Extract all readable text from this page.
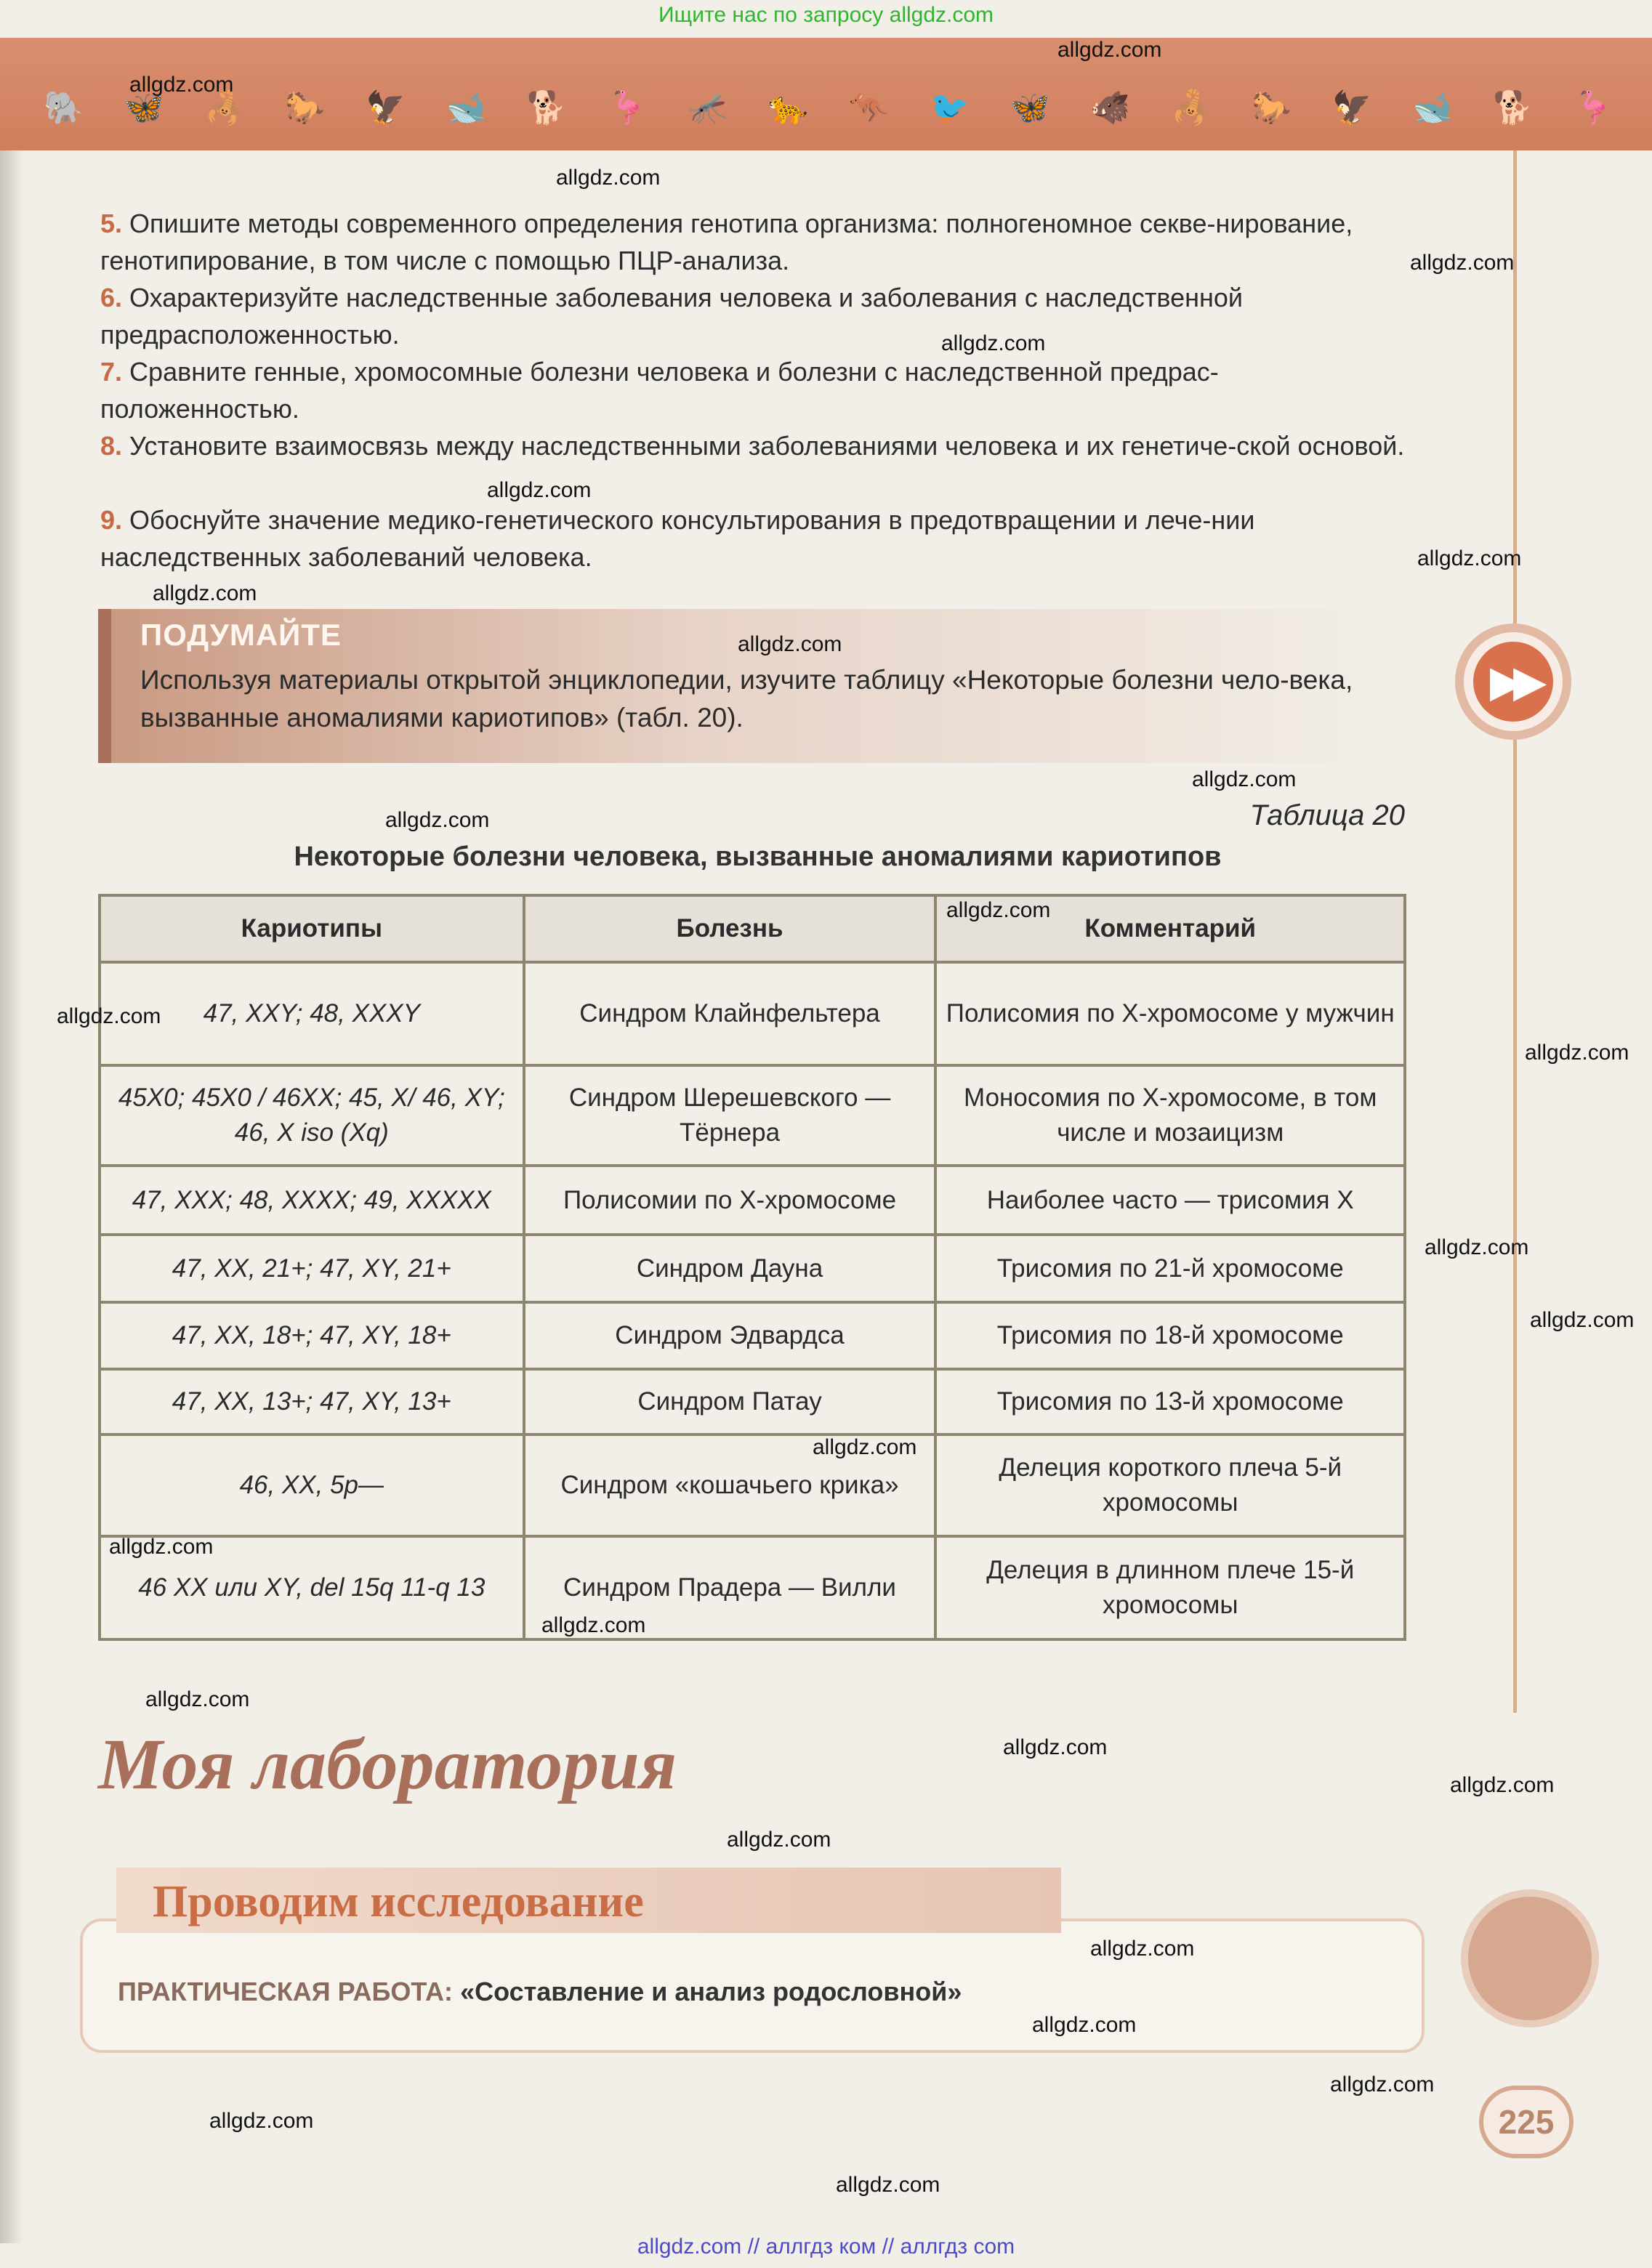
Ищите нас по запросу allgdz.com
🐘 🦋 🦂 🐎 🦅 🐋 🐕 🦩 🦟 🐆 🦘 🐦 🦋 🐗 🦂 🐎 🦅 🐋 🐕 🦩
5. Опишите методы современного определения генотипа организма: полногеномное секве-нирование, генотипирование, в том числе с помощью ПЦР-анализа.
6. Охарактеризуйте наследственные заболевания человека и заболевания с наследственной предрасположенностью.
7. Сравните генные, хромосомные болезни человека и болезни с наследственной предрас-положенностью.
8. Установите взаимосвязь между наследственными заболеваниями человека и их генетиче-ской основой.
9. Обоснуйте значение медико-генетического консультирования в предотвращении и лече-нии наследственных заболеваний человека.
ПОДУМАЙТЕ

Используя материалы открытой энциклопедии, изучите таблицу «Некоторые болезни чело-века, вызванные аномалиями кариотипов» (табл. 20).

▶▶
Таблица 20
Некоторые болезни человека, вызванные аномалиями кариотипов
Кариотипы	Болезнь	Комментарий
47, XXY; 48, XXXY	Синдром Клайнфельтера	Полисомия по X-хромосоме у мужчин
45X0; 45X0 / 46XX; 45, X/ 46, XY; 46, X iso (Xq)	Синдром Шерешевского — Тёрнера	Моносомия по X-хромосоме, в том числе и мозаицизм
47, XXX; 48, XXXX; 49, XXXXX	Полисомии по X-хромосоме	Наиболее часто — трисомия X
47, XX, 21+; 47, XY, 21+	Синдром Дауна	Трисомия по 21-й хромосоме
47, XX, 18+; 47, XY, 18+	Синдром Эдвардса	Трисомия по 18-й хромосоме
47, XX, 13+; 47, XY, 13+	Синдром Патау	Трисомия по 13-й хромосоме
46, XX, 5p—	Синдром «кошачьего крика»	Делеция короткого плеча 5-й хромосомы
46 XX или XY, del 15q 11-q 13	Синдром Прадера — Вилли	Делеция в длинном плече 15-й хромосомы
Моя лаборатория
Проводим исследование
ПРАКТИЧЕСКАЯ РАБОТА: «Составление и анализ родословной»
225
allgdz.com // аллгдз ком // аллгдз com
allgdz.com
allgdz.com
allgdz.com
allgdz.com
allgdz.com
allgdz.com
allgdz.com
allgdz.com
allgdz.com
allgdz.com
allgdz.com
allgdz.com
allgdz.com
allgdz.com
allgdz.com
allgdz.com
allgdz.com
allgdz.com
allgdz.com
allgdz.com
allgdz.com
allgdz.com
allgdz.com
allgdz.com
allgdz.com
allgdz.com
allgdz.com
allgdz.com
